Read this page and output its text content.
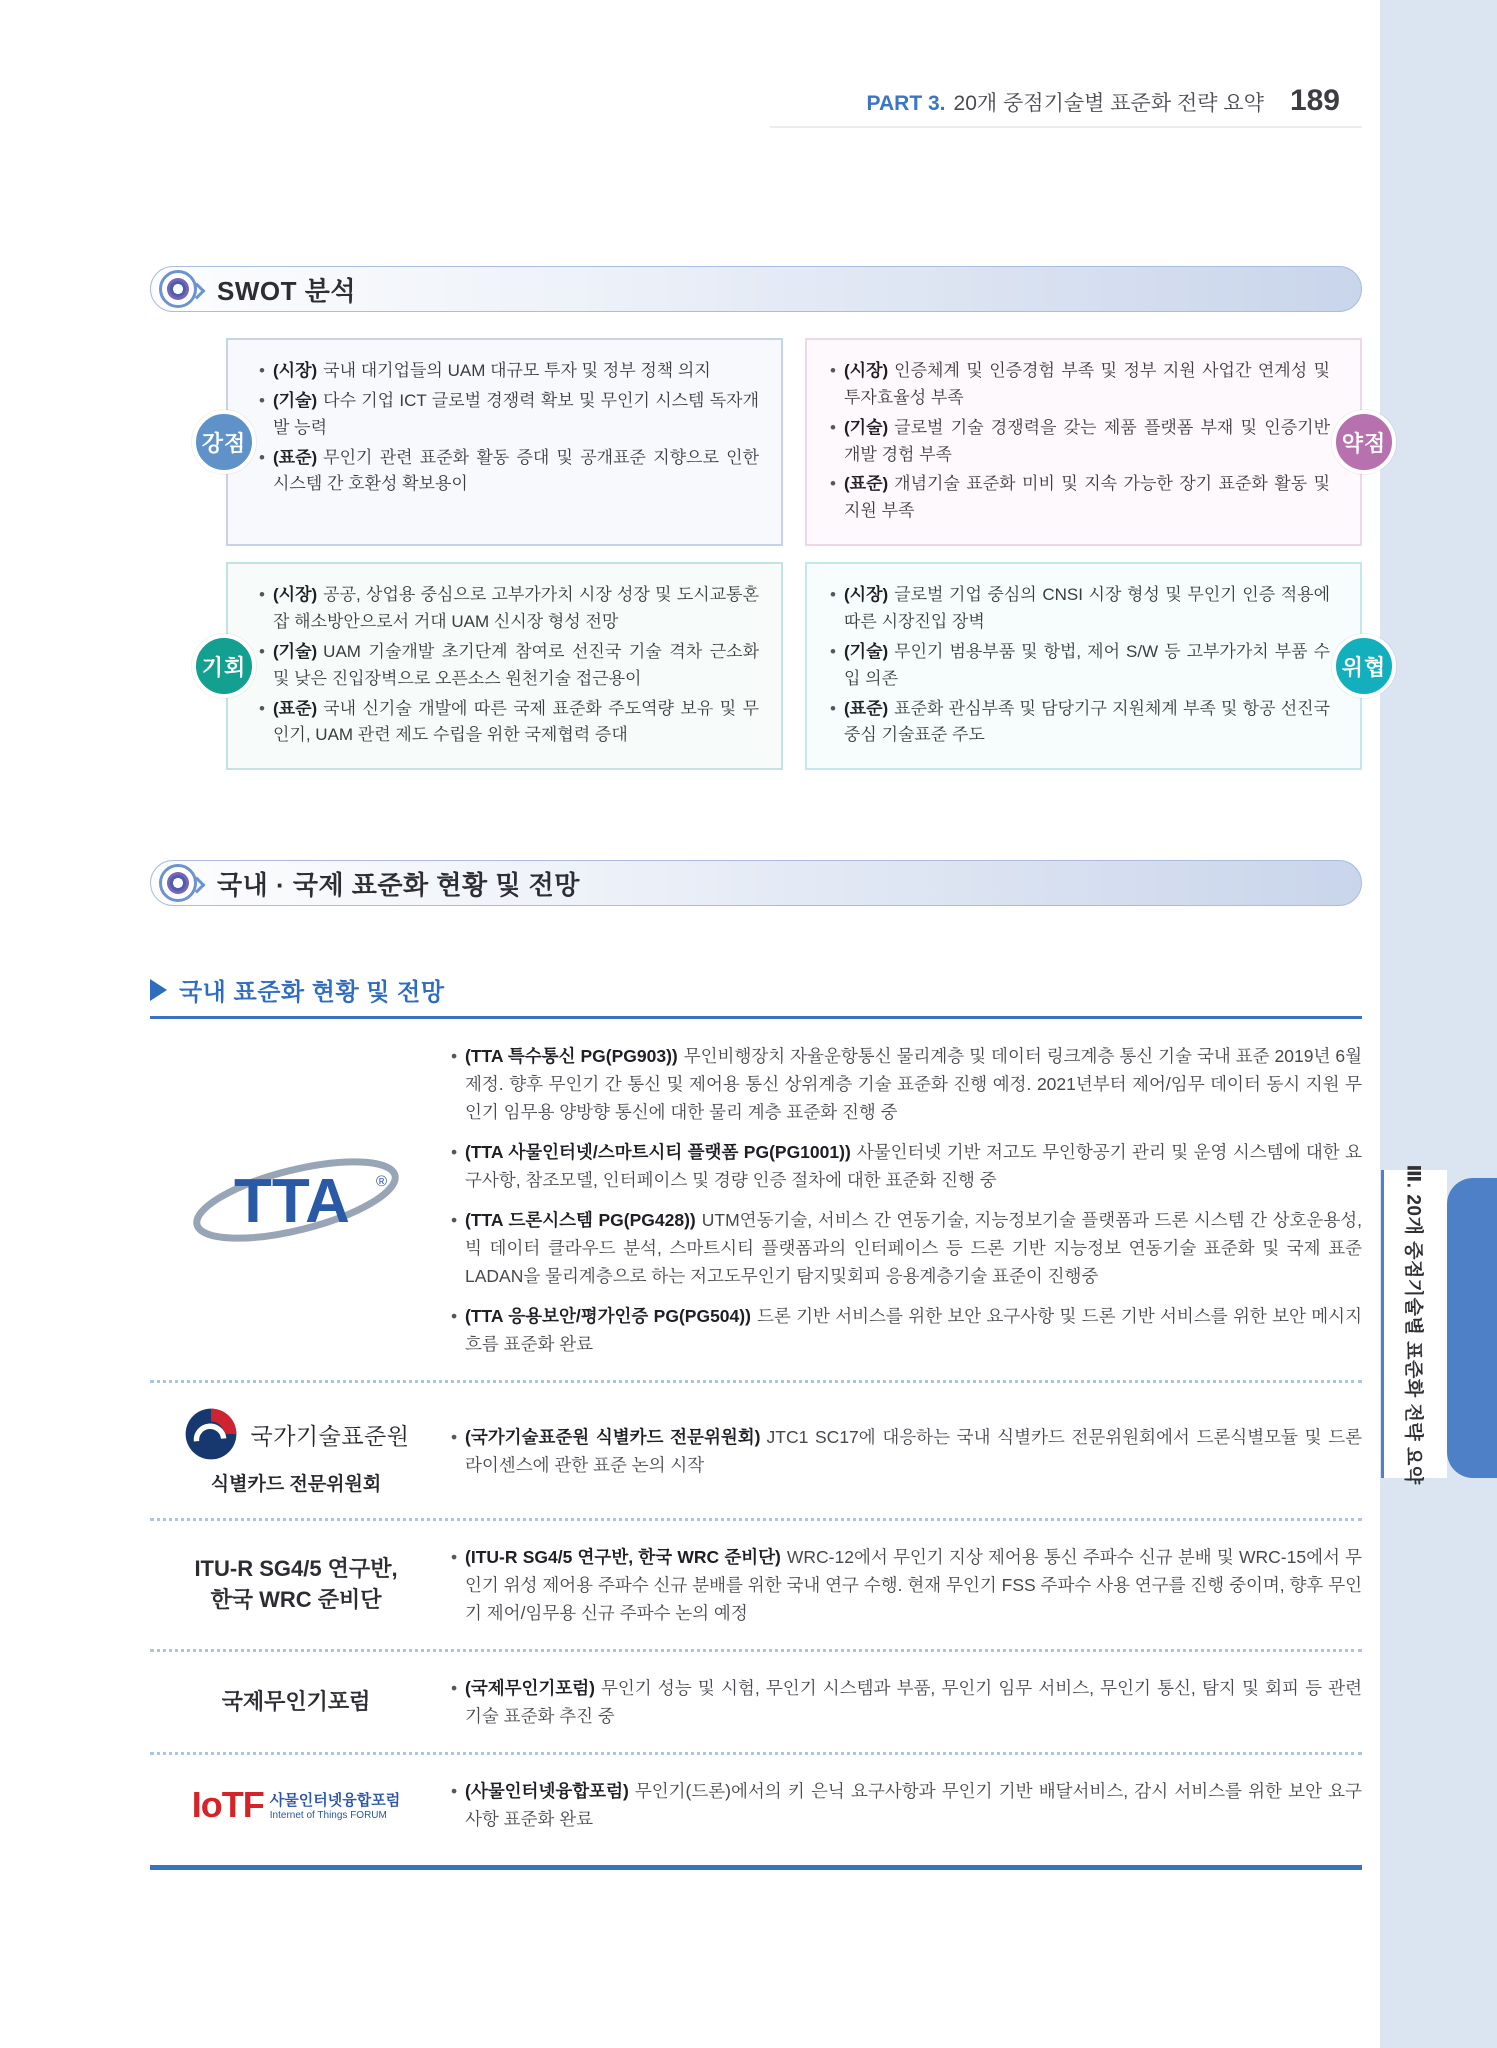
Ⅲ. 20개 중점기술별 표준화 전략 요약
PART 3. 20개 중점기술별 표준화 전략 요약 189
SWOT 분석
강점
• (시장) 국내 대기업들의 UAM 대규모 투자 및 정부 정책 의지
• (기술) 다수 기업 ICT 글로벌 경쟁력 확보 및 무인기 시스템 독자개발 능력
• (표준) 무인기 관련 표준화 활동 증대 및 공개표준 지향으로 인한 시스템 간 호환성 확보용이
약점
• (시장) 인증체계 및 인증경험 부족 및 정부 지원 사업간 연계성 및 투자효율성 부족
• (기술) 글로벌 기술 경쟁력을 갖는 제품 플랫폼 부재 및 인증기반 개발 경험 부족
• (표준) 개념기술 표준화 미비 및 지속 가능한 장기 표준화 활동 및 지원 부족
기회
• (시장) 공공, 상업용 중심으로 고부가가치 시장 성장 및 도시교통혼잡 해소방안으로서 거대 UAM 신시장 형성 전망
• (기술) UAM 기술개발 초기단계 참여로 선진국 기술 격차 근소화 및 낮은 진입장벽으로 오픈소스 원천기술 접근용이
• (표준) 국내 신기술 개발에 따른 국제 표준화 주도역량 보유 및 무인기, UAM 관련 제도 수립을 위한 국제협력 증대
위협
• (시장) 글로벌 기업 중심의 CNSI 시장 형성 및 무인기 인증 적용에 따른 시장진입 장벽
• (기술) 무인기 범용부품 및 항법, 제어 S/W 등 고부가가치 부품 수입 의존
• (표준) 표준화 관심부족 및 담당기구 지원체계 부족 및 항공 선진국 중심 기술표준 주도
국내 · 국제 표준화 현황 및 전망
국내 표준화 현황 및 전망
TTA ®
• (TTA 특수통신 PG(PG903)) 무인비행장치 자율운항통신 물리계층 및 데이터 링크계층 통신 기술 국내 표준 2019년 6월 제정. 향후 무인기 간 통신 및 제어용 통신 상위계층 기술 표준화 진행 예정. 2021년부터 제어/임무 데이터 동시 지원 무인기 임무용 양방향 통신에 대한 물리 계층 표준화 진행 중
• (TTA 사물인터넷/스마트시티 플랫폼 PG(PG1001)) 사물인터넷 기반 저고도 무인항공기 관리 및 운영 시스템에 대한 요구사항, 참조모델, 인터페이스 및 경량 인증 절차에 대한 표준화 진행 중
• (TTA 드론시스템 PG(PG428)) UTM연동기술, 서비스 간 연동기술, 지능정보기술 플랫폼과 드론 시스템 간 상호운용성,빅 데이터 클라우드 분석, 스마트시티 플랫폼과의 인터페이스 등 드론 기반 지능정보 연동기술 표준화 및 국제 표준 LADAN을 물리계층으로 하는 저고도무인기 탐지및회피 응용계층기술 표준이 진행중
• (TTA 응용보안/평가인증 PG(PG504)) 드론 기반 서비스를 위한 보안 요구사항 및 드론 기반 서비스를 위한 보안 메시지 흐름 표준화 완료
국가기술표준원
식별카드 전문위원회
• (국가기술표준원 식별카드 전문위원회) JTC1 SC17에 대응하는 국내 식별카드 전문위원회에서 드론식별모듈 및 드론 라이센스에 관한 표준 논의 시작
ITU-R SG4/5 연구반,
한국 WRC 준비단
• (ITU-R SG4/5 연구반, 한국 WRC 준비단) WRC-12에서 무인기 지상 제어용 통신 주파수 신규 분배 및 WRC-15에서 무인기 위성 제어용 주파수 신규 분배를 위한 국내 연구 수행. 현재 무인기 FSS 주파수 사용 연구를 진행 중이며, 향후 무인기 제어/임무용 신규 주파수 논의 예정
국제무인기포럼
• (국제무인기포럼) 무인기 성능 및 시험, 무인기 시스템과 부품, 무인기 임무 서비스, 무인기 통신, 탐지 및 회피 등 관련 기술 표준화 추진 중
IoTF 사물인터넷융합포럼
Internet of Things FORUM
• (사물인터넷융합포럼) 무인기(드론)에서의 키 은닉 요구사항과 무인기 기반 배달서비스, 감시 서비스를 위한 보안 요구사항 표준화 완료
